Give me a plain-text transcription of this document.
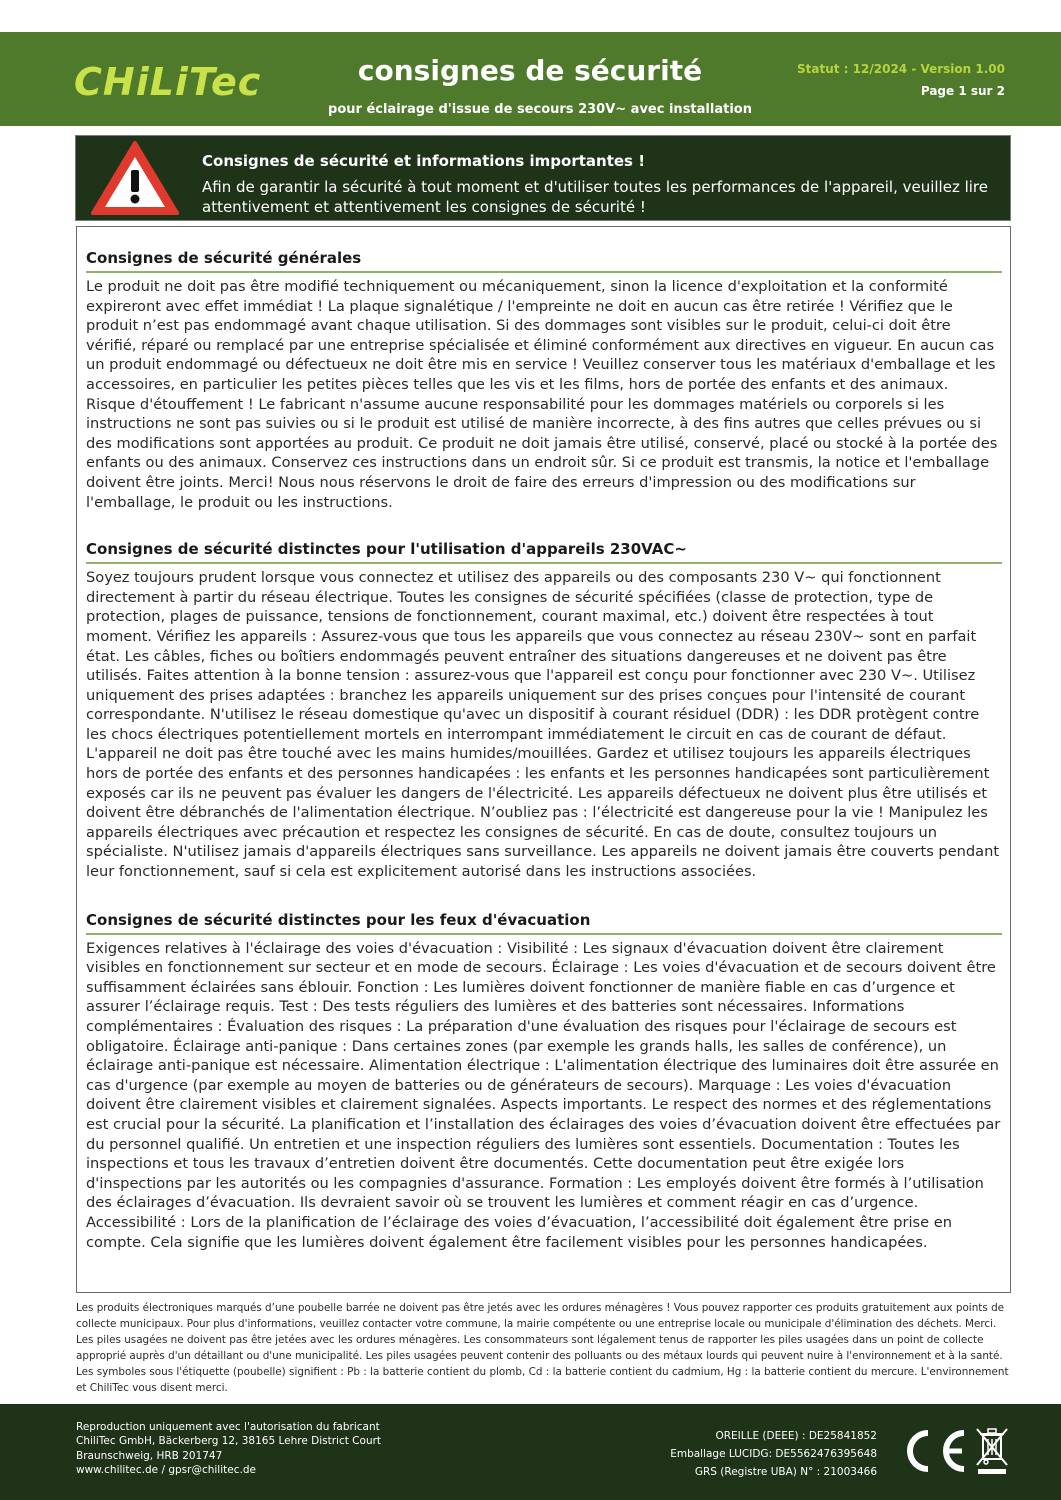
CHiLiTec	consignes de sécurité
pour éclairage d'issue de secours 230V~ avec installation
Statut : 12/2024 - Version 1.00
Page 1 sur 2
Consignes de sécurité et informations importantes !
Afin de garantir la sécurité à tout moment et d'utiliser toutes les performances de l'appareil, veuillez lire attentivement et attentivement les consignes de sécurité !
Consignes de sécurité générales
Le produit ne doit pas être modifié techniquement ou mécaniquement, sinon la licence d'exploitation et la conformité expireront avec effet immédiat ! La plaque signalétique / l'empreinte ne doit en aucun cas être retirée ! Vérifiez que le produit n’est pas endommagé avant chaque utilisation. Si des dommages sont visibles sur le produit, celui-ci doit être vérifié, réparé ou remplacé par une entreprise spécialisée et éliminé conformément aux directives en vigueur. En aucun cas un produit endommagé ou défectueux ne doit être mis en service ! Veuillez conserver tous les matériaux d'emballage et les accessoires, en particulier les petites pièces telles que les vis et les films, hors de portée des enfants et des animaux. Risque d'étouffement ! Le fabricant n'assume aucune responsabilité pour les dommages matériels ou corporels si les instructions ne sont pas suivies ou si le produit est utilisé de manière incorrecte, à des fins autres que celles prévues ou si des modifications sont apportées au produit. Ce produit ne doit jamais être utilisé, conservé, placé ou stocké à la portée des enfants ou des animaux. Conservez ces instructions dans un endroit sûr. Si ce produit est transmis, la notice et l'emballage doivent être joints. Merci! Nous nous réservons le droit de faire des erreurs d'impression ou des modifications sur l'emballage, le produit ou les instructions.
Consignes de sécurité distinctes pour l'utilisation d'appareils 230VAC~
Soyez toujours prudent lorsque vous connectez et utilisez des appareils ou des composants 230 V~ qui fonctionnent directement à partir du réseau électrique. Toutes les consignes de sécurité spécifiées (classe de protection, type de protection, plages de puissance, tensions de fonctionnement, courant maximal, etc.) doivent être respectées à tout moment. Vérifiez les appareils : Assurez-vous que tous les appareils que vous connectez au réseau 230V~ sont en parfait état. Les câbles, fiches ou boîtiers endommagés peuvent entraîner des situations dangereuses et ne doivent pas être utilisés. Faites attention à la bonne tension : assurez-vous que l'appareil est conçu pour fonctionner avec 230 V~. Utilisez uniquement des prises adaptées : branchez les appareils uniquement sur des prises conçues pour l'intensité de courant correspondante. N'utilisez le réseau domestique qu'avec un dispositif à courant résiduel (DDR) : les DDR protègent contre les chocs électriques potentiellement mortels en interrompant immédiatement le circuit en cas de courant de défaut. L'appareil ne doit pas être touché avec les mains humides/mouillées. Gardez et utilisez toujours les appareils électriques hors de portée des enfants et des personnes handicapées : les enfants et les personnes handicapées sont particulièrement exposés car ils ne peuvent pas évaluer les dangers de l'électricité. Les appareils défectueux ne doivent plus être utilisés et doivent être débranchés de l'alimentation électrique. N’oubliez pas : l’électricité est dangereuse pour la vie ! Manipulez les appareils électriques avec précaution et respectez les consignes de sécurité. En cas de doute, consultez toujours un spécialiste. N'utilisez jamais d'appareils électriques sans surveillance. Les appareils ne doivent jamais être couverts pendant leur fonctionnement, sauf si cela est explicitement autorisé dans les instructions associées.
Consignes de sécurité distinctes pour les feux d'évacuation
Exigences relatives à l'éclairage des voies d'évacuation : Visibilité : Les signaux d'évacuation doivent être clairement visibles en fonctionnement sur secteur et en mode de secours. Éclairage : Les voies d'évacuation et de secours doivent être suffisamment éclairées sans éblouir. Fonction : Les lumières doivent fonctionner de manière fiable en cas d’urgence et assurer l’éclairage requis. Test : Des tests réguliers des lumières et des batteries sont nécessaires. Informations complémentaires : Évaluation des risques : La préparation d'une évaluation des risques pour l'éclairage de secours est obligatoire. Éclairage anti-panique : Dans certaines zones (par exemple les grands halls, les salles de conférence), un éclairage anti-panique est nécessaire. Alimentation électrique : L'alimentation électrique des luminaires doit être assurée en cas d'urgence (par exemple au moyen de batteries ou de générateurs de secours). Marquage : Les voies d'évacuation doivent être clairement visibles et clairement signalées. Aspects importants. Le respect des normes et des réglementations est crucial pour la sécurité. La planification et l’installation des éclairages des voies d’évacuation doivent être effectuées par du personnel qualifié. Un entretien et une inspection réguliers des lumières sont essentiels. Documentation : Toutes les inspections et tous les travaux d’entretien doivent être documentés. Cette documentation peut être exigée lors d'inspections par les autorités ou les compagnies d'assurance. Formation : Les employés doivent être formés à l’utilisation des éclairages d’évacuation. Ils devraient savoir où se trouvent les lumières et comment réagir en cas d’urgence. Accessibilité : Lors de la planification de l’éclairage des voies d’évacuation, l’accessibilité doit également être prise en compte. Cela signifie que les lumières doivent également être facilement visibles pour les personnes handicapées.
Les produits électroniques marqués d’une poubelle barrée ne doivent pas être jetés avec les ordures ménagères ! Vous pouvez rapporter ces produits gratuitement aux points de collecte municipaux. Pour plus d'informations, veuillez contacter votre commune, la mairie compétente ou une entreprise locale ou municipale d'élimination des déchets. Merci. Les piles usagées ne doivent pas être jetées avec les ordures ménagères. Les consommateurs sont légalement tenus de rapporter les piles usagées dans un point de collecte approprié auprès d'un détaillant ou d'une municipalité. Les piles usagées peuvent contenir des polluants ou des métaux lourds qui peuvent nuire à l'environnement et à la santé. Les symboles sous l'étiquette (poubelle) signifient : Pb : la batterie contient du plomb, Cd : la batterie contient du cadmium, Hg : la batterie contient du mercure. L'environnement et ChiliTec vous disent merci.
Reproduction uniquement avec l'autorisation du fabricant
ChiliTec GmbH, Bäckerberg 12, 38165 Lehre District Court
Braunschweig, HRB 201747
www.chilitec.de / gpsr@chilitec.de
OREILLE (DEEE) : DE25841852
Emballage LUCIDG: DE5562476395648
GRS (Registre UBA) N° : 21003466
